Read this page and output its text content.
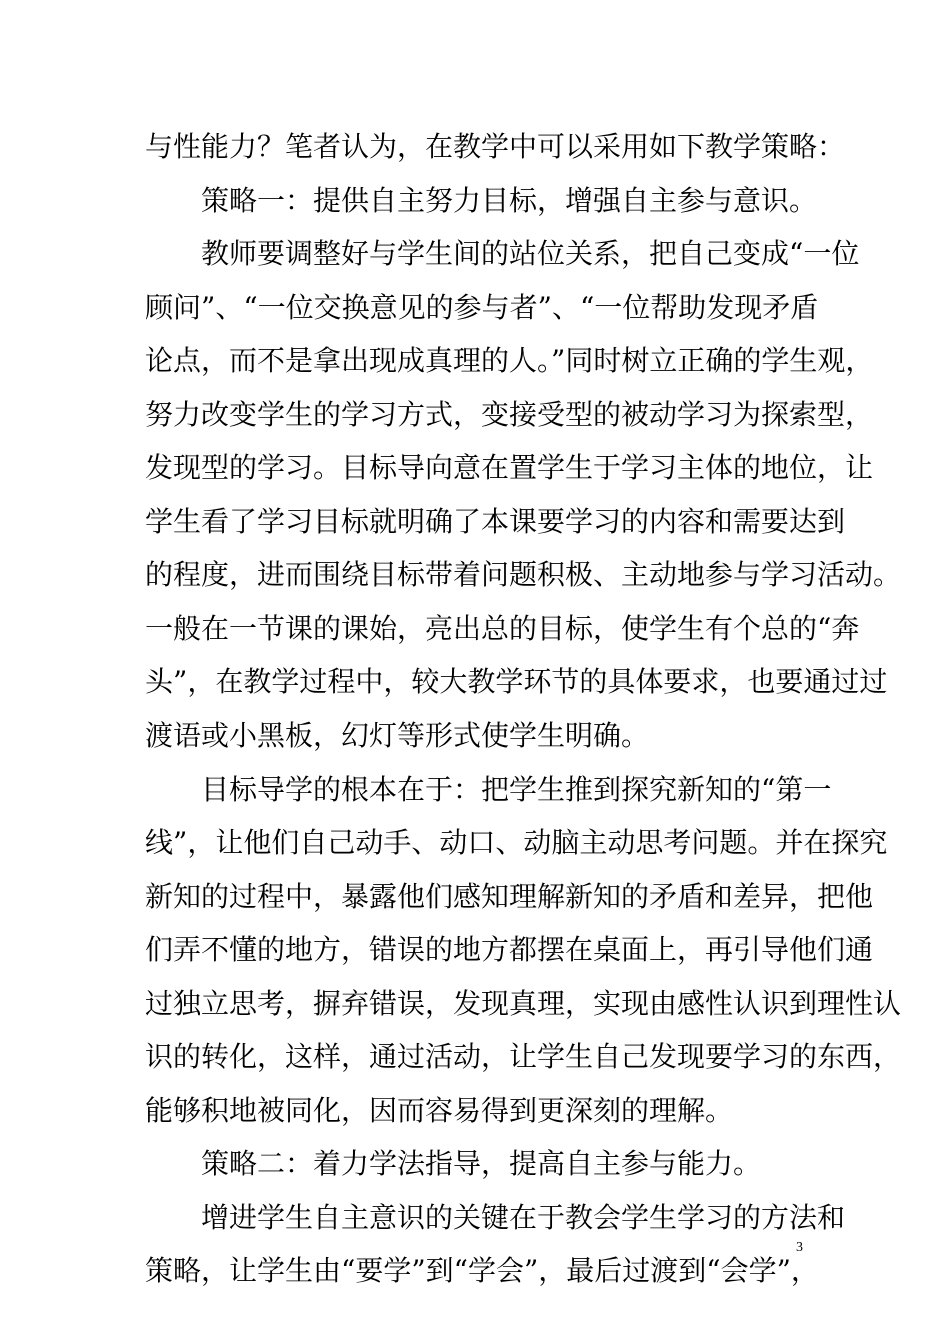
与性能力？笔者认为，在教学中可以采用如下教学策略：
策略一：提供自主努力目标，增强自主参与意识。
教师要调整好与学生间的站位关系，把自己变成“一位
顾问”、“一位交换意见的参与者”、“一位帮助发现矛盾
论点，而不是拿出现成真理的人。”同时树立正确的学生观，
努力改变学生的学习方式，变接受型的被动学习为探索型，
发现型的学习。目标导向意在置学生于学习主体的地位，让
学生看了学习目标就明确了本课要学习的内容和需要达到
的程度，进而围绕目标带着问题积极、主动地参与学习活动。
一般在一节课的课始，亮出总的目标，使学生有个总的“奔
头”，在教学过程中，较大教学环节的具体要求，也要通过过
渡语或小黑板，幻灯等形式使学生明确。
目标导学的根本在于：把学生推到探究新知的“第一
线”，让他们自己动手、动口、动脑主动思考问题。并在探究
新知的过程中，暴露他们感知理解新知的矛盾和差异，把他
们弄不懂的地方，错误的地方都摆在桌面上，再引导他们通
过独立思考，摒弃错误，发现真理，实现由感性认识到理性认
识的转化，这样，通过活动，让学生自己发现要学习的东西，
能够积地被同化，因而容易得到更深刻的理解。
策略二：着力学法指导，提高自主参与能力。
增进学生自主意识的关键在于教会学生学习的方法和
策略，让学生由“要学”到“学会”，最后过渡到“会学”，
3
